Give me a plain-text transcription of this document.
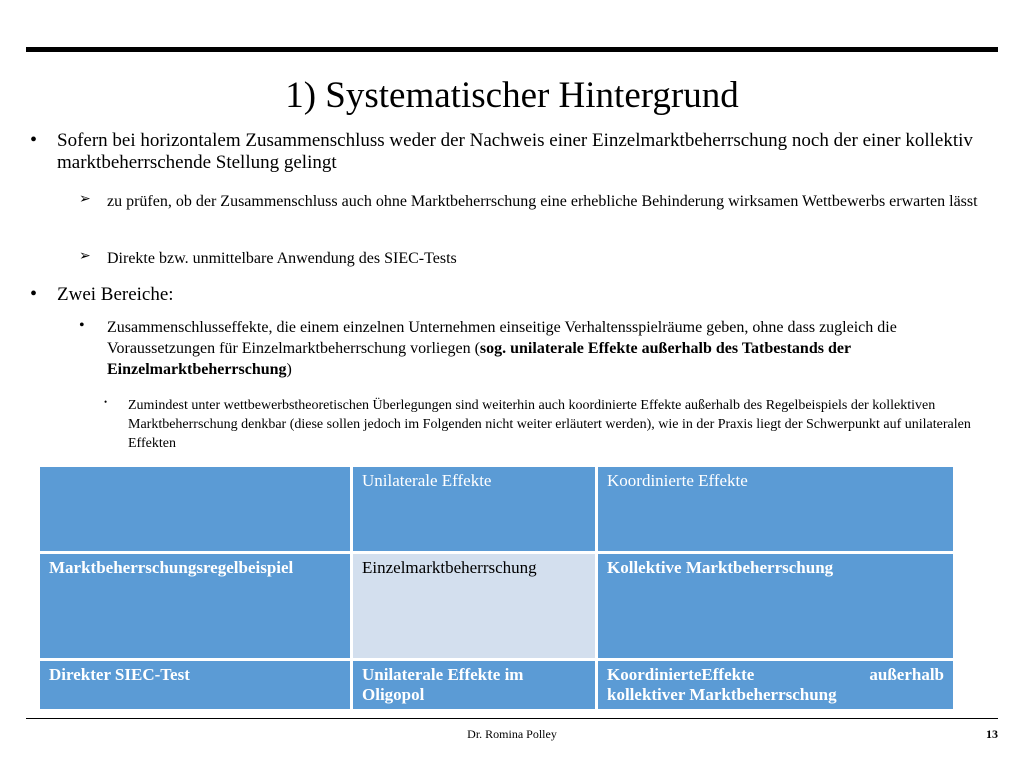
1) Systematischer Hintergrund
• Sofern bei horizontalem Zusammenschluss weder der Nachweis einer Einzelmarktbeherrschung noch der einer kollektiv marktbeherrschende Stellung gelingt
➢ zu prüfen, ob der Zusammenschluss auch ohne Marktbeherrschung eine erhebliche Behinderung wirksamen Wettbewerbs erwarten lässt
➢ Direkte bzw. unmittelbare Anwendung des SIEC-Tests
• Zwei Bereiche:
• Zusammenschlusseffekte, die einem einzelnen Unternehmen einseitige Verhaltensspielräume geben, ohne dass zugleich die Voraussetzungen für Einzelmarktbeherrschung vorliegen (sog. unilaterale Effekte außerhalb des Tatbestands der Einzelmarktbeherrschung)
• Zumindest unter wettbewerbstheoretischen Überlegungen sind weiterhin auch koordinierte Effekte außerhalb des Regelbeispiels der kollektiven Marktbeherrschung denkbar (diese sollen jedoch im Folgenden nicht weiter erläutert werden), wie in der Praxis liegt der Schwerpunkt auf unilateralen Effekten
	Unilaterale Effekte	Koordinierte Effekte
Marktbeherrschungsregelbeispiel	Einzelmarktbeherrschung	Kollektive Marktbeherrschung
Direkter SIEC-Test	Unilaterale Effekte im Oligopol	KoordinierteEffekte außerhalb
kollektiver Marktbeherrschung
Dr. Romina Polley	13
